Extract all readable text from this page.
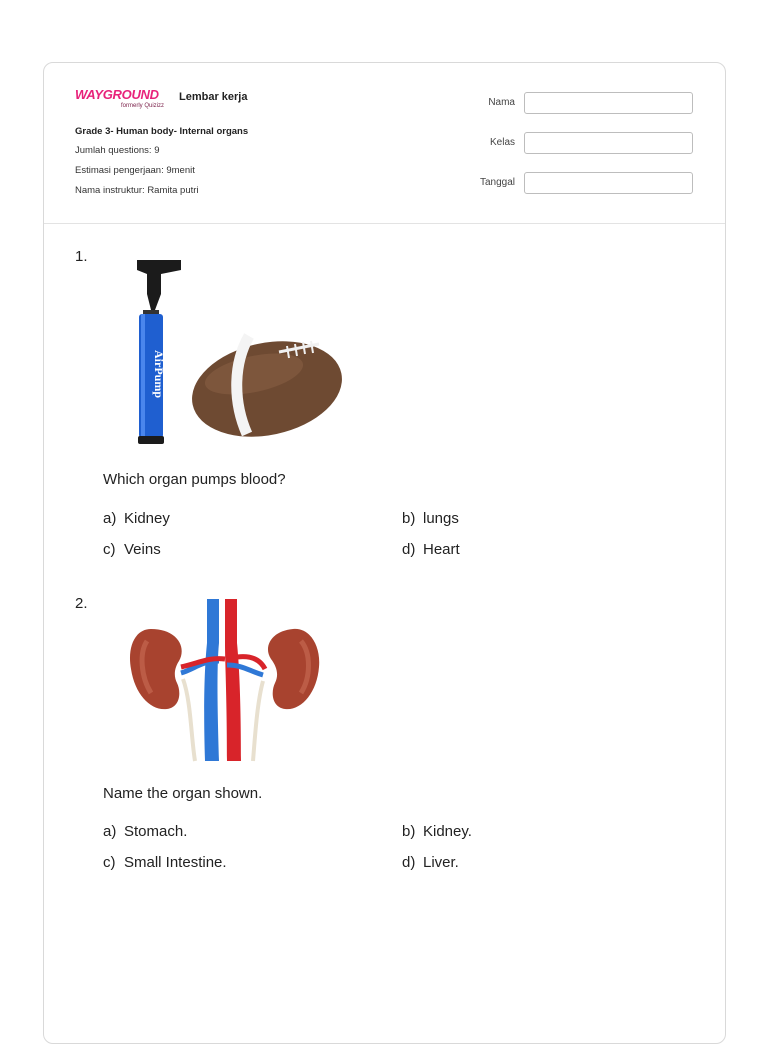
WAYGROUND
formerly Quizizz
Lembar kerja
Grade 3- Human body- Internal organs
Jumlah questions: 9
Estimasi pengerjaan: 9menit
Nama instruktur: Ramita putri
Nama
Kelas
Tanggal
1.
AirPump
Which organ pumps blood?
a) Kidney	b) lungs
c) Veins	d) Heart
2.
Name the organ shown.
a) Stomach.	b) Kidney.
c) Small Intestine.	d) Liver.
